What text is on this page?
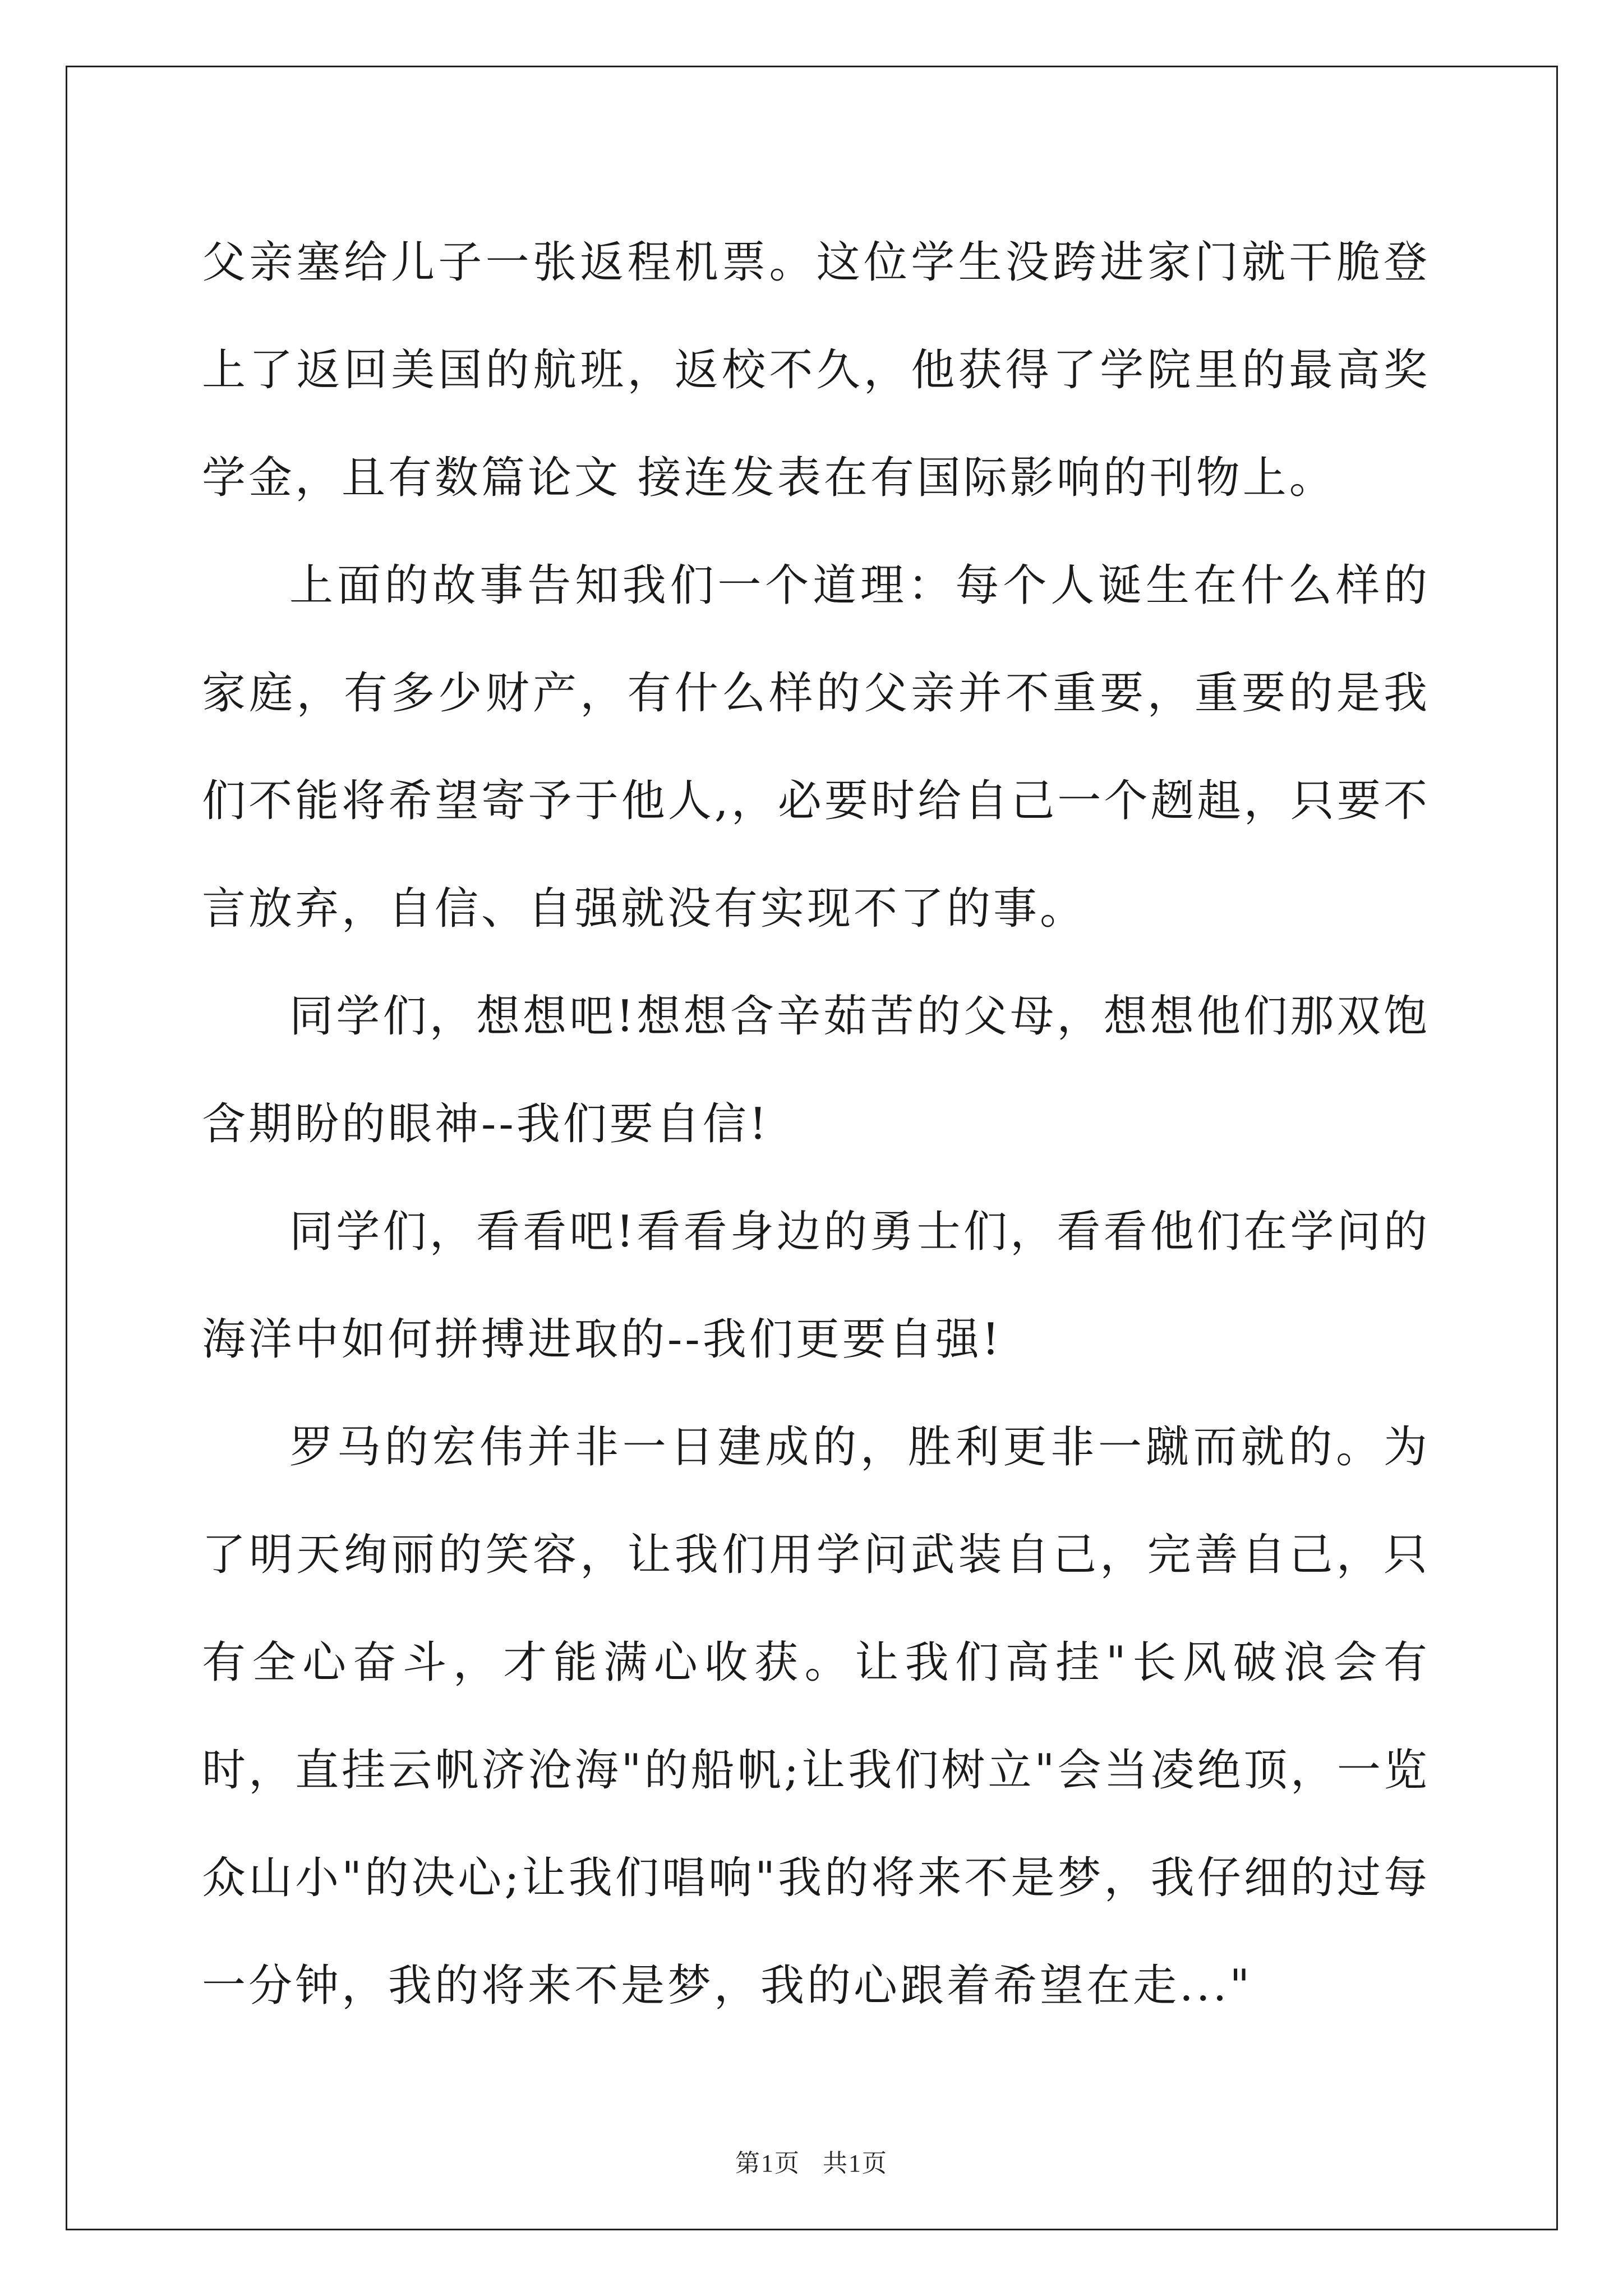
父亲塞给儿子一张返程机票。这位学生没跨进家门就干脆登上了返回美国的航班，返校不久，他获得了学院里的最高奖学金，且有数篇论文 接连发表在有国际影响的刊物上。

上面的故事告知我们一个道理：每个人诞生在什么样的家庭，有多少财产，有什么样的父亲并不重要，重要的是我们不能将希望寄予于他人,，必要时给自己一个趔趄，只要不言放弃，自信、自强就没有实现不了的事。

同学们，想想吧!想想含辛茹苦的父母，想想他们那双饱含期盼的眼神--我们要自信!

同学们，看看吧!看看身边的勇士们，看看他们在学问的海洋中如何拼搏进取的--我们更要自强!

罗马的宏伟并非一日建成的，胜利更非一蹴而就的。为了明天绚丽的笑容，让我们用学问武装自己，完善自己，只有全心奋斗，才能满心收获。让我们高挂"长风破浪会有时，直挂云帆济沧海"的船帆;让我们树立"会当凌绝顶，一览众山小"的决心;让我们唱响"我的将来不是梦，我仔细的过每一分钟，我的将来不是梦，我的心跟着希望在走..."

第1页 共1页
